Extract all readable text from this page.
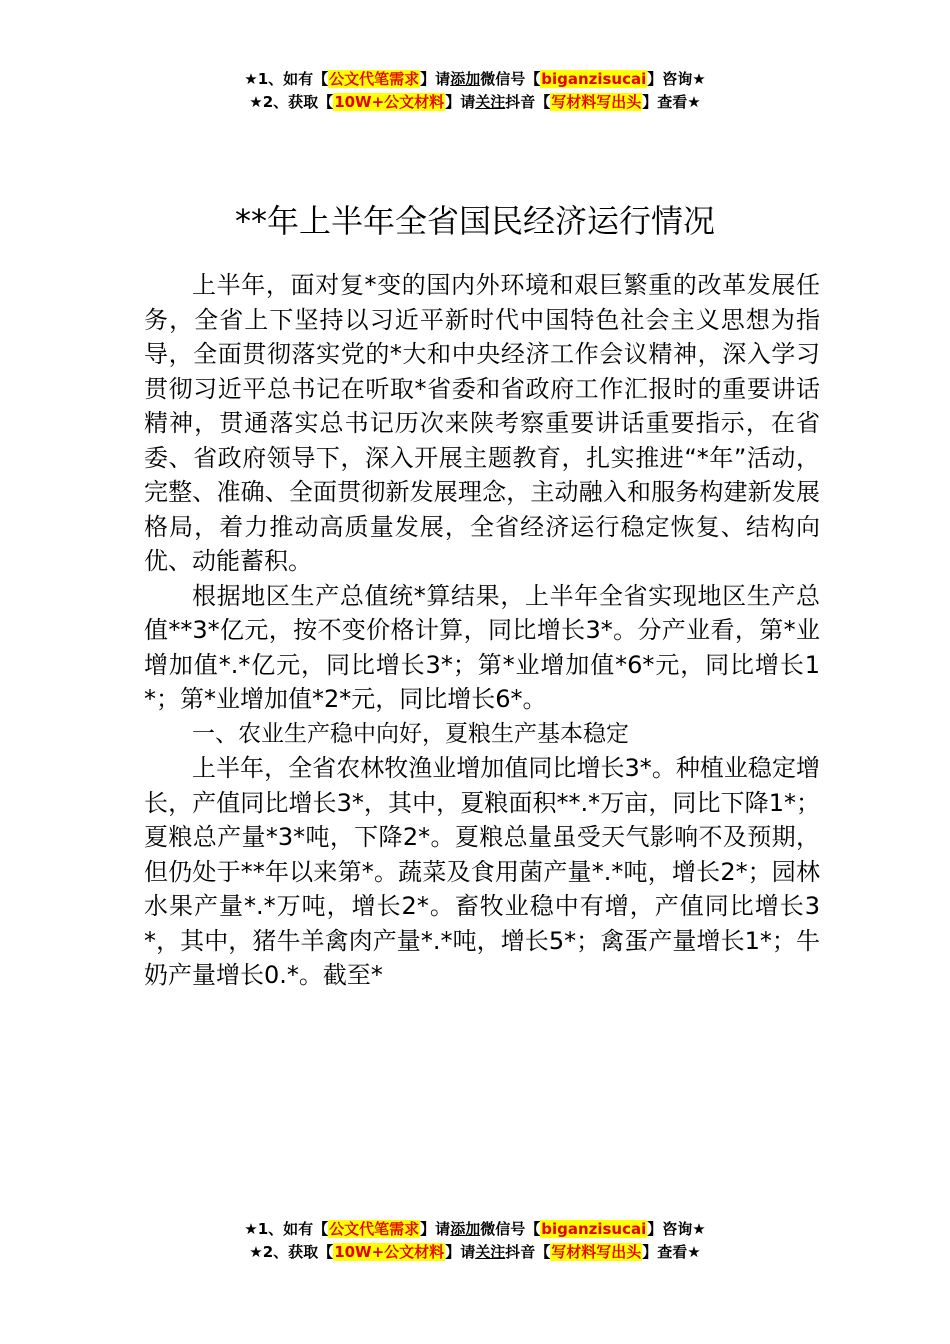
★1、如有【公文代笔需求】请添加微信号【biganzisucai】咨询★
★2、获取【10W+公文材料】请关注抖音【写材料写出头】查看★
**年上半年全省国民经济运行情况

上半年，面对复*变的国内外环境和艰巨繁重的改革发展任务，全省上下坚持以习近平新时代中国特色社会主义思想为指导，全面贯彻落实党的*大和中央经济工作会议精神，深入学习贯彻习近平总书记在听取*省委和省政府工作汇报时的重要讲话精神，贯通落实总书记历次来陕考察重要讲话重要指示，在省委、省政府领导下，深入开展主题教育，扎实推进“*年”活动，完整、准确、全面贯彻新发展理念，主动融入和服务构建新发展格局，着力推动高质量发展，全省经济运行稳定恢复、结构向优、动能蓄积。

根据地区生产总值统*算结果，上半年全省实现地区生产总值**3*亿元，按不变价格计算，同比增长3*。分产业看，第*业增加值*.*亿元，同比增长3*；第*业增加值*6*元，同比增长1*；第*业增加值*2*元，同比增长6*。

一、农业生产稳中向好，夏粮生产基本稳定

上半年，全省农林牧渔业增加值同比增长3*。种植业稳定增长，产值同比增长3*，其中，夏粮面积**.*万亩，同比下降1*；夏粮总产量*3*吨，下降2*。夏粮总量虽受天气影响不及预期，但仍处于**年以来第*。蔬菜及食用菌产量*.*吨，增长2*；园林水果产量*.*万吨，增长2*。畜牧业稳中有增，产值同比增长3*，其中，猪牛羊禽肉产量*.*吨，增长5*；禽蛋产量增长1*；牛奶产量增长0.*。截至*

★1、如有【公文代笔需求】请添加微信号【biganzisucai】咨询★
★2、获取【10W+公文材料】请关注抖音【写材料写出头】查看★
